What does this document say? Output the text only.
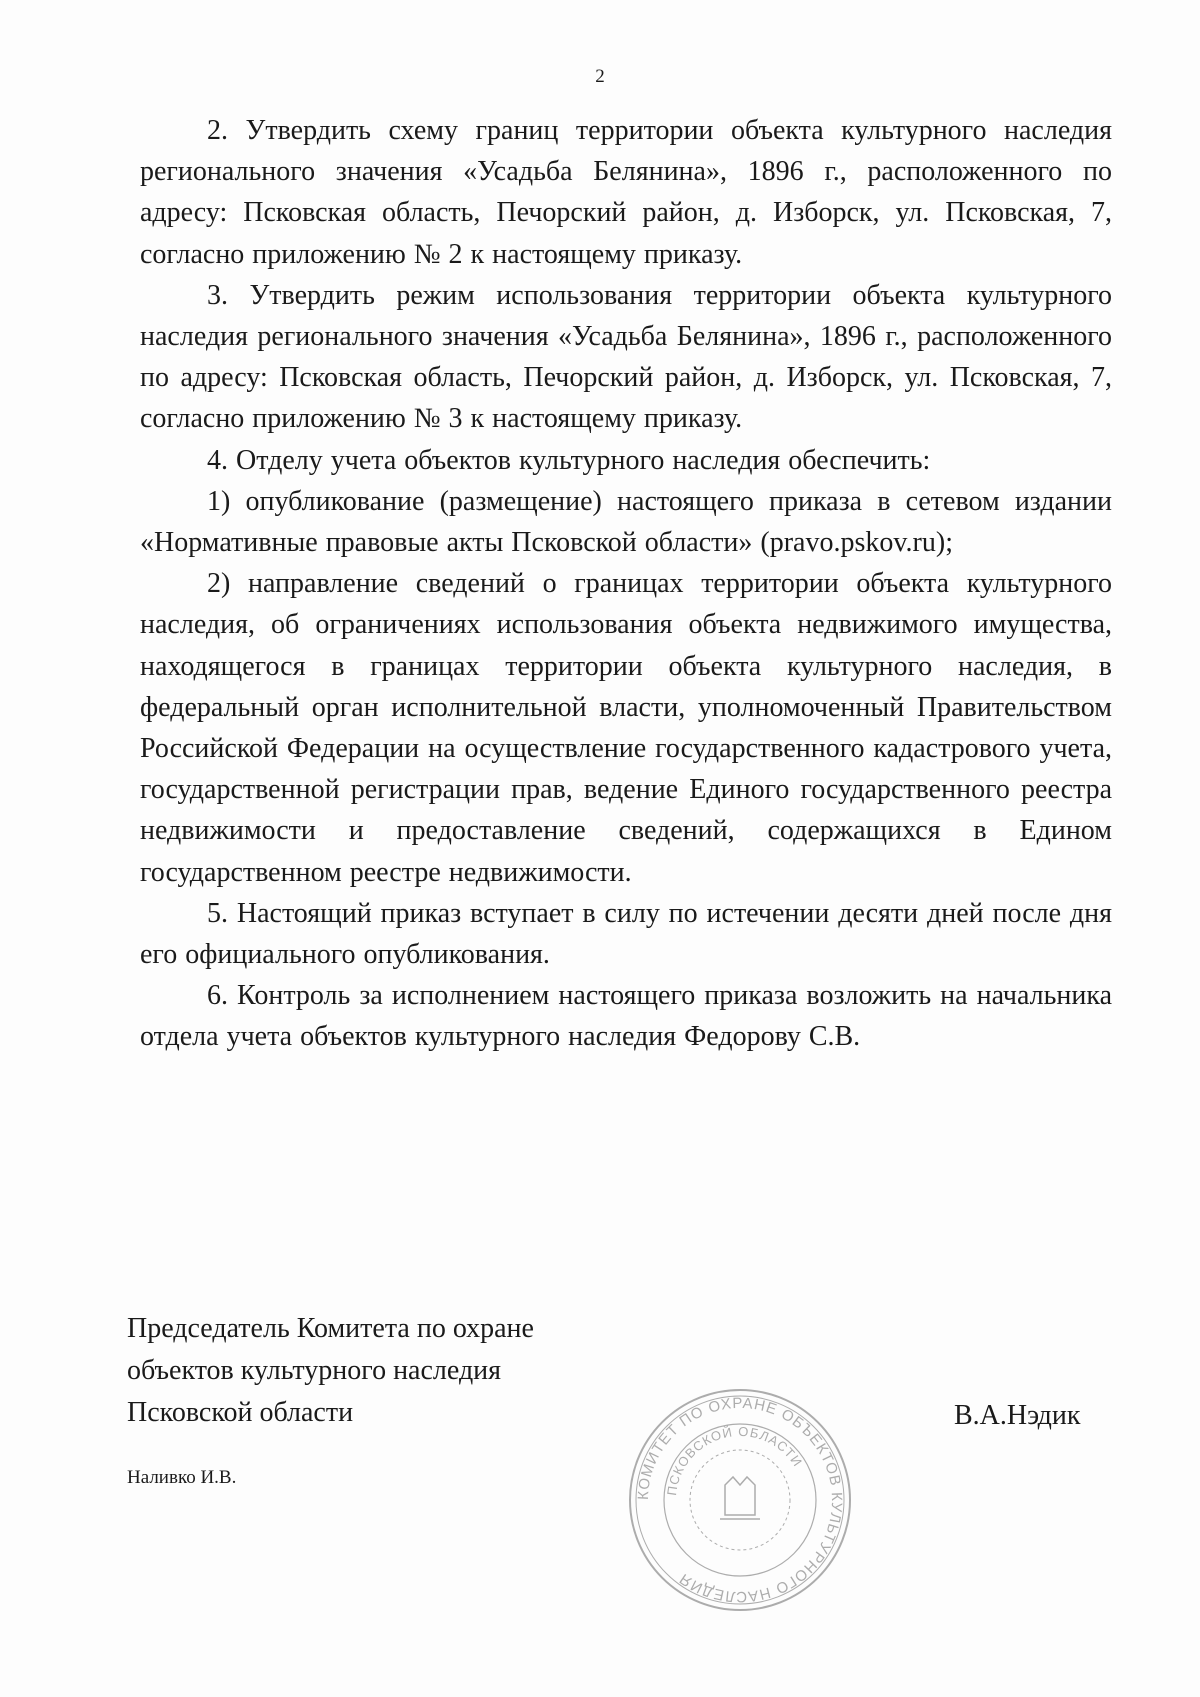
2

2. Утвердить схему границ территории объекта культурного наследия регионального значения «Усадьба Белянина», 1896 г., расположенного по адресу: Псковская область, Печорский район, д. Изборск, ул. Псковская, 7, согласно приложению № 2 к настоящему приказу.

3. Утвердить режим использования территории объекта культурного наследия регионального значения «Усадьба Белянина», 1896 г., расположенного по адресу: Псковская область, Печорский район, д. Изборск, ул. Псковская, 7, согласно приложению № 3 к настоящему приказу.

4. Отделу учета объектов культурного наследия обеспечить:

1) опубликование (размещение) настоящего приказа в сетевом издании «Нормативные правовые акты Псковской области» (pravo.pskov.ru);

2) направление сведений о границах территории объекта культурного наследия, об ограничениях использования объекта недвижимого имущества, находящегося в границах территории объекта культурного наследия, в федеральный орган исполнительной власти, уполномоченный Правительством Российской Федерации на осуществление государственного кадастрового учета, государственной регистрации прав, ведение Единого государственного реестра недвижимости и предоставление сведений, содержащихся в Едином государственном реестре недвижимости.

5. Настоящий приказ вступает в силу по истечении десяти дней после дня его официального опубликования.

6. Контроль за исполнением настоящего приказа возложить на начальника отдела учета объектов культурного наследия Федорову С.В.

Председатель Комитета по охране
объектов культурного наследия
Псковской области
КОМИТЕТ ПО ОХРАНЕ ОБЪЕКТОВ КУЛЬТУРНОГО НАСЛЕДИЯ
ПСКОВСКОЙ ОБЛАСТИ
В.А.Нэдик
Наливко И.В.
